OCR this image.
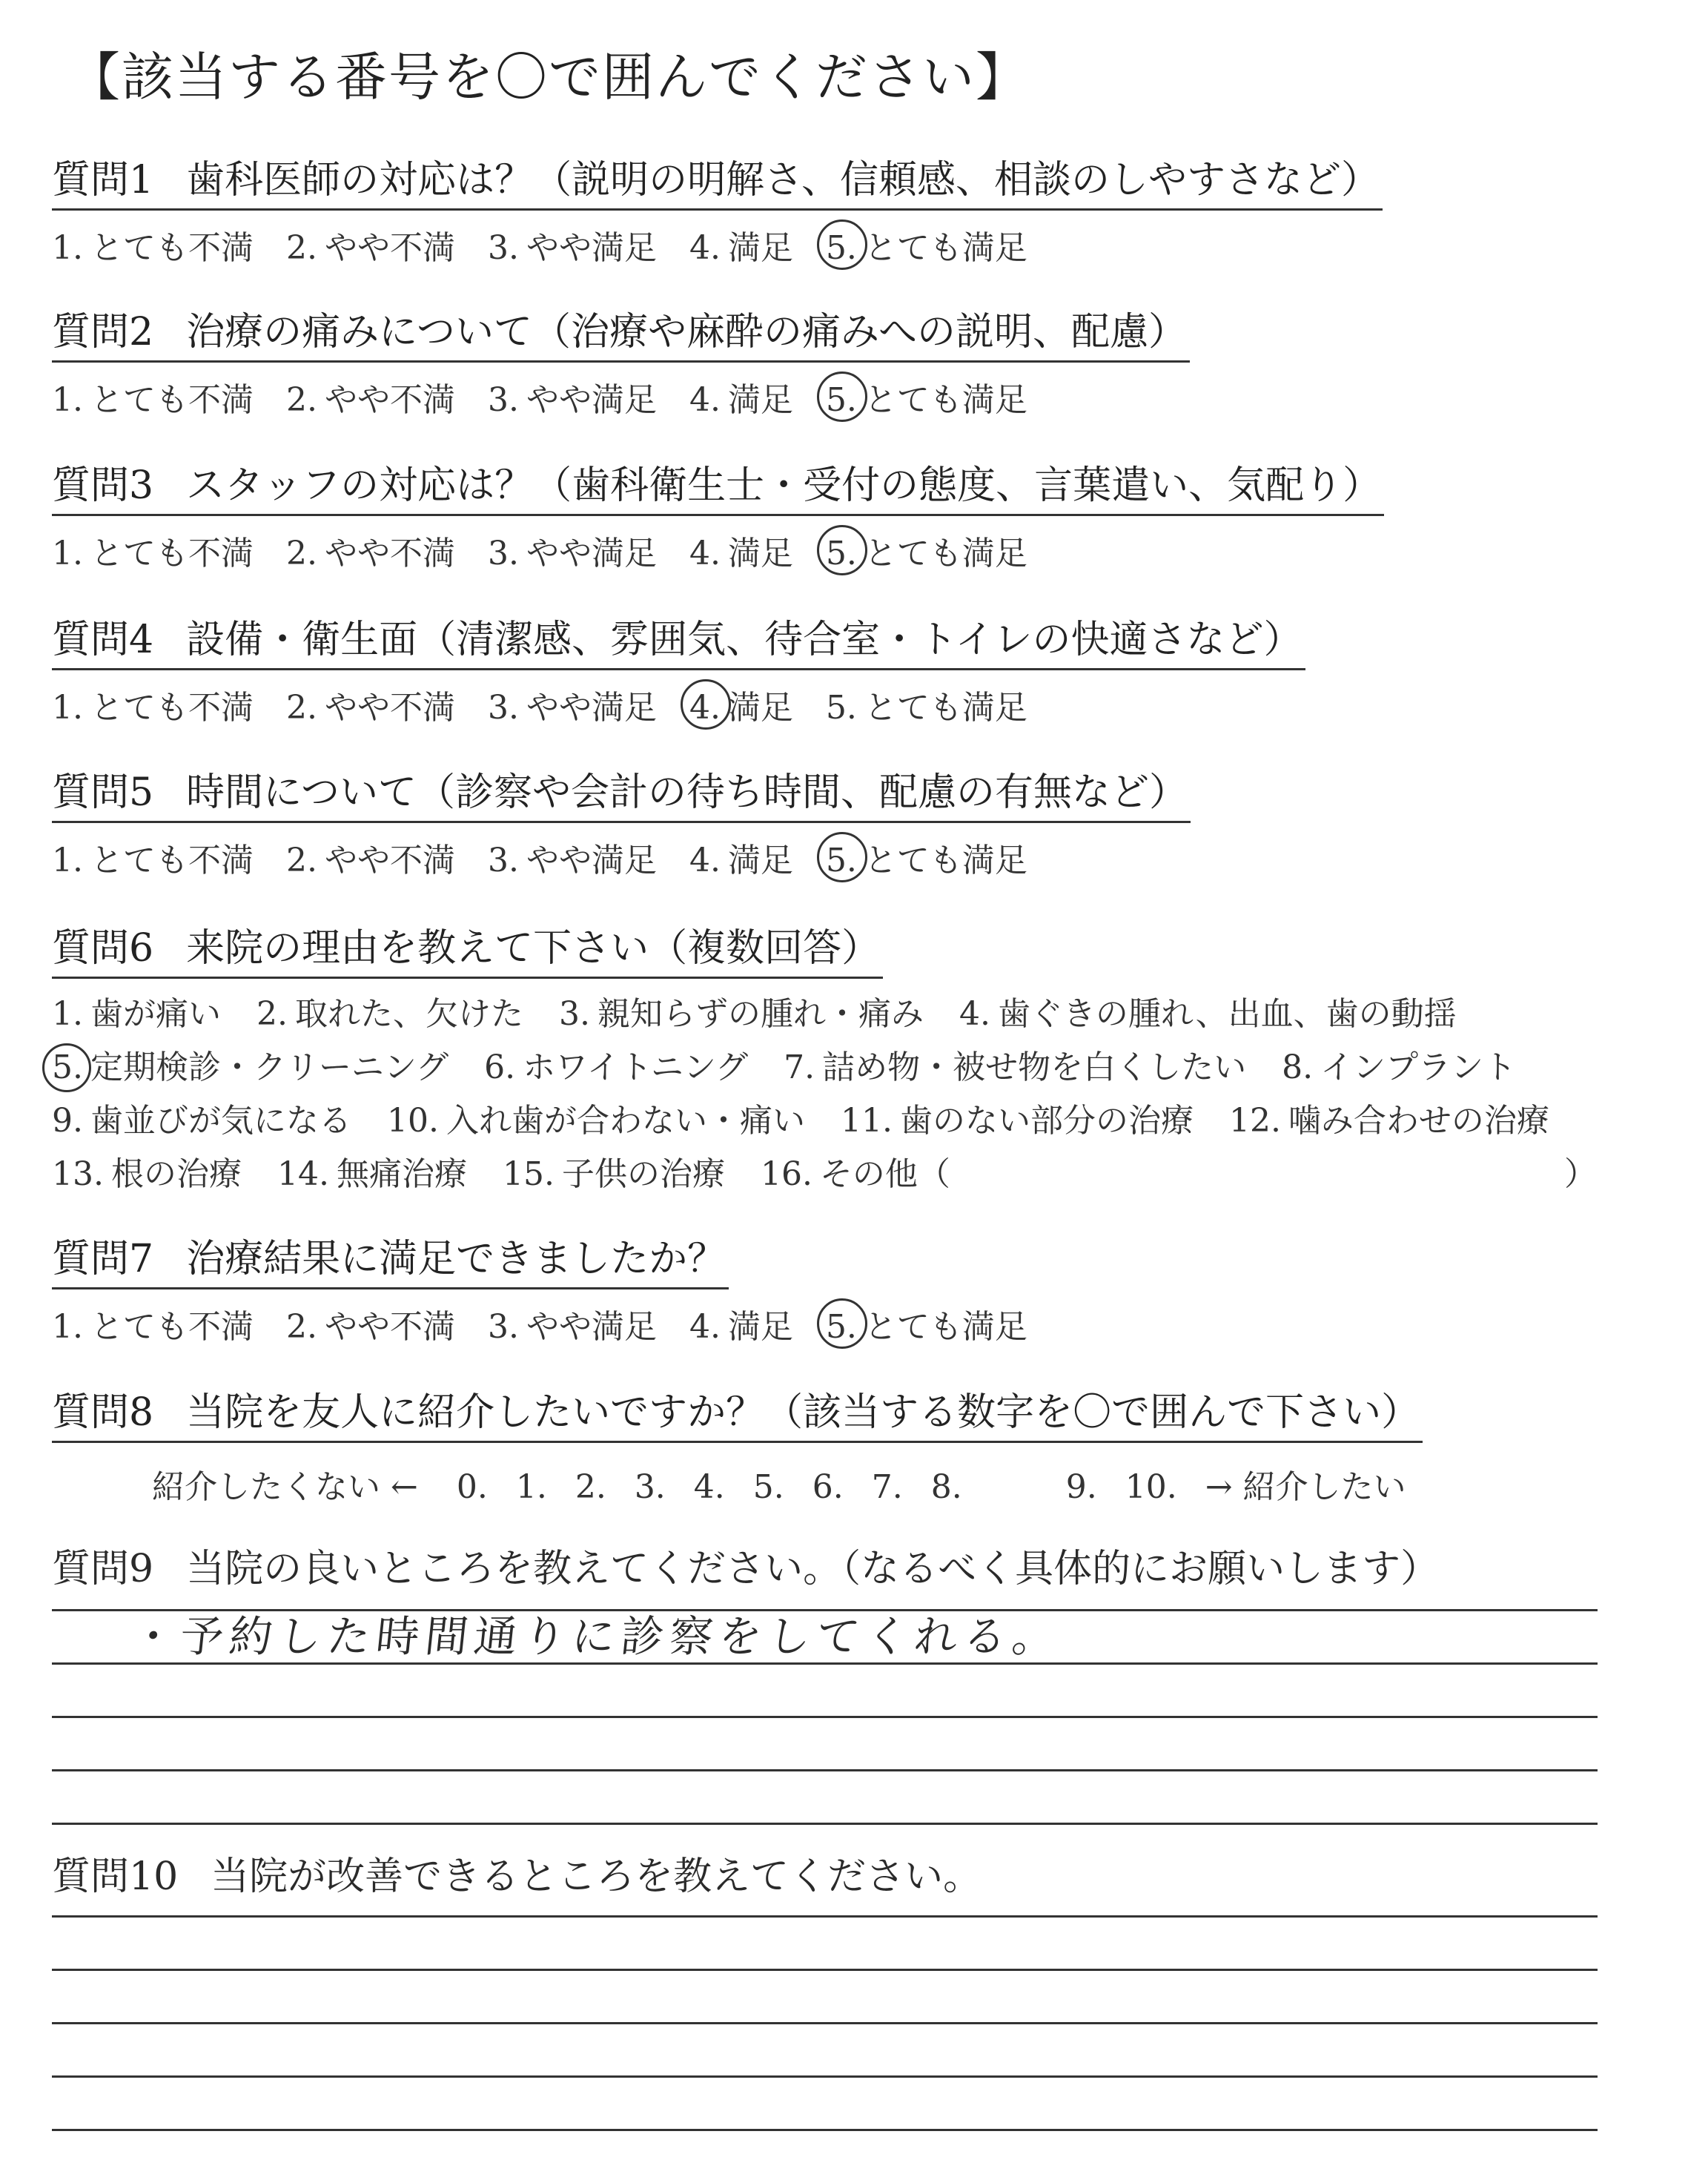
【該当する番号を〇で囲んでください】
質問1 歯科医師の対応は？（説明の明解さ、信頼感、相談のしやすさなど）
1. とても不満 2. やや不満 3. やや満足 4. 満足 5. とても満足
質問2 治療の痛みについて（治療や麻酔の痛みへの説明、配慮）
1. とても不満 2. やや不満 3. やや満足 4. 満足 5. とても満足
質問3 スタッフの対応は？（歯科衛生士・受付の態度、言葉遣い、気配り）
1. とても不満 2. やや不満 3. やや満足 4. 満足 5. とても満足
質問4 設備・衛生面（清潔感、雰囲気、待合室・トイレの快適さなど）
1. とても不満 2. やや不満 3. やや満足 4. 満足 5. とても満足
質問5 時間について（診察や会計の待ち時間、配慮の有無など）
1. とても不満 2. やや不満 3. やや満足 4. 満足 5. とても満足
質問6 来院の理由を教えて下さい（複数回答）
1. 歯が痛い 2. 取れた、欠けた 3. 親知らずの腫れ・痛み 4. 歯ぐきの腫れ、出血、歯の動揺
5. 定期検診・クリーニング 6. ホワイトニング 7. 詰め物・被せ物を白くしたい 8. インプラント
9. 歯並びが気になる 10. 入れ歯が合わない・痛い 11. 歯のない部分の治療 12. 噛み合わせの治療
13. 根の治療 14. 無痛治療 15. 子供の治療 16. その他（	）
質問7 治療結果に満足できましたか？
1. とても不満 2. やや不満 3. やや満足 4. 満足 5. とても満足
質問8 当院を友人に紹介したいですか？（該当する数字を〇で囲んで下さい）
紹介したくない ← 0. 1. 2. 3. 4. 5. 6. 7. 8.	9. 10. → 紹介したい
質問9 当院の良いところを教えてください。（なるべく具体的にお願いします）
・予約した時間通りに診察をしてくれる。
質問10 当院が改善できるところを教えてください。
